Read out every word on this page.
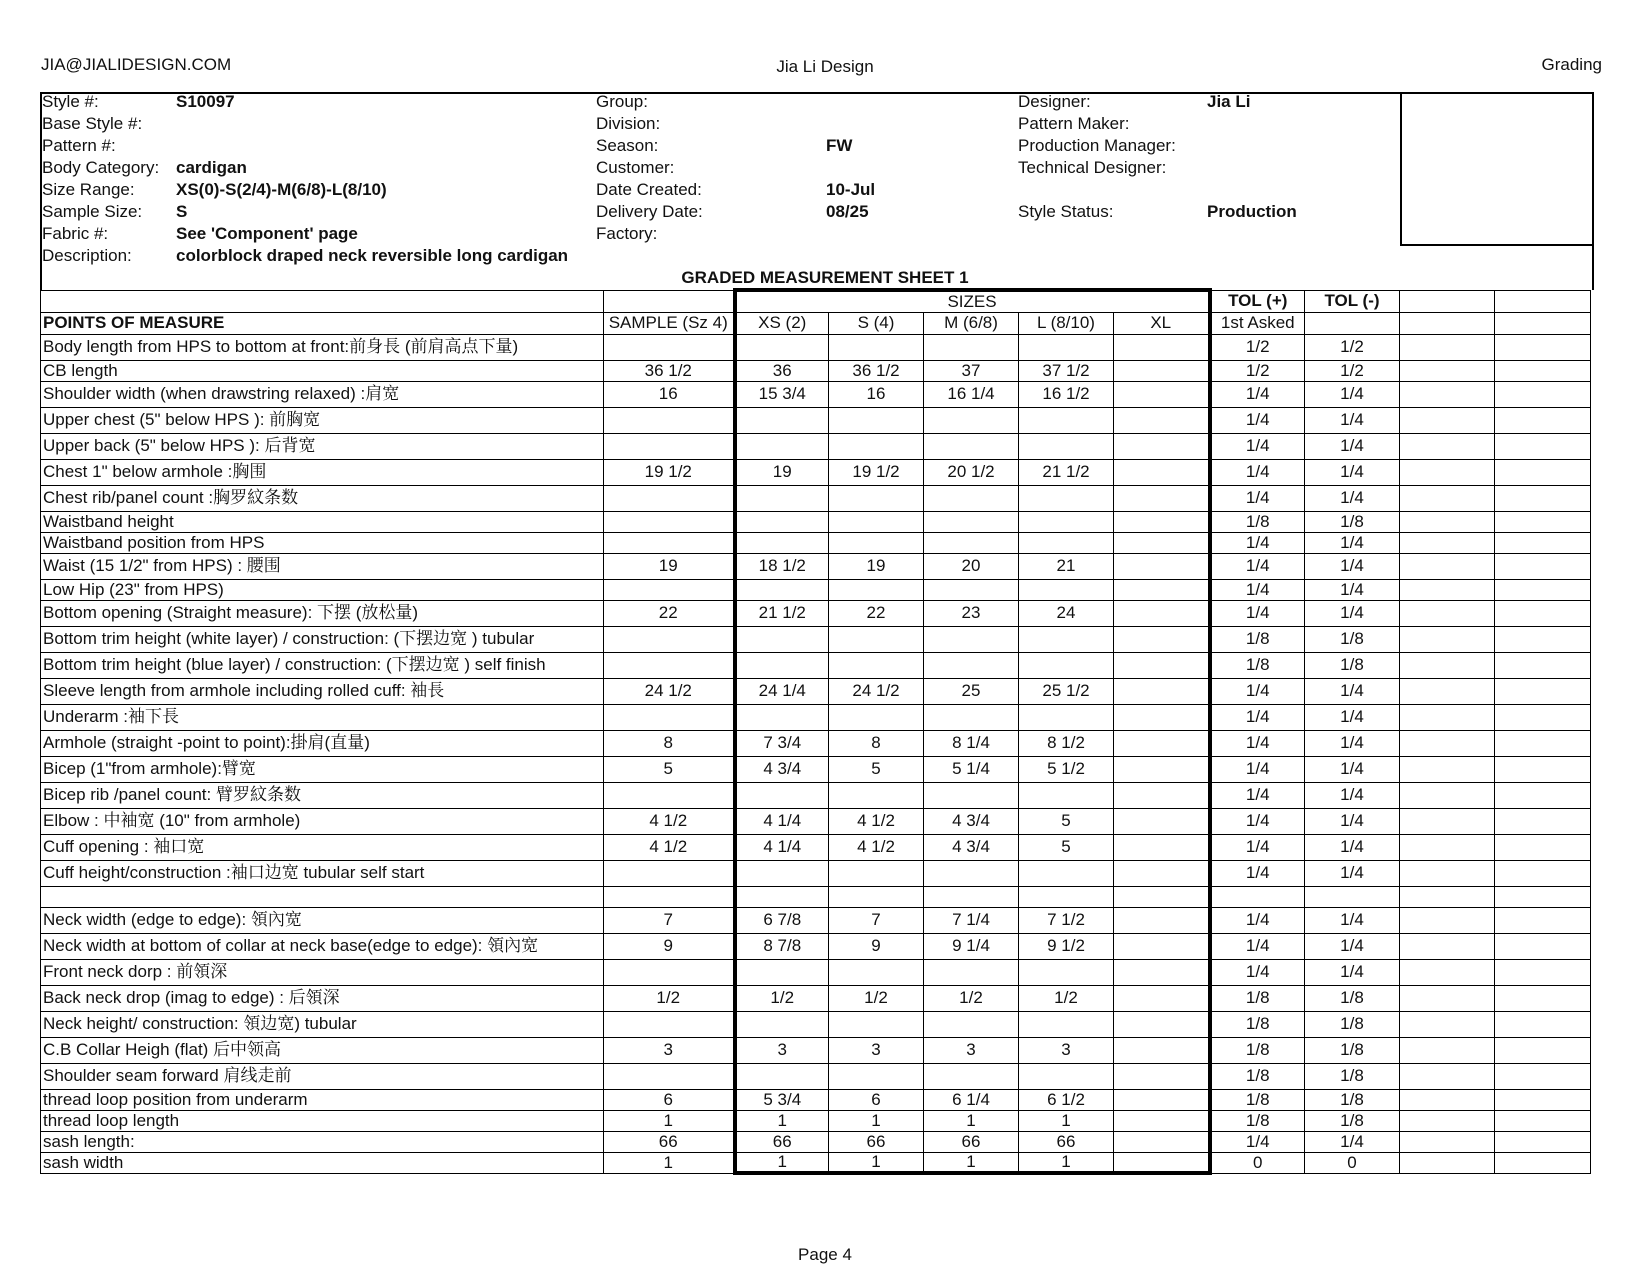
JIA@JIALIDESIGN.COM	Jia Li Design	Grading
Style #:	S10097
Base Style #:
Pattern #:
Body Category: cardigan
Size Range: XS(0)-S(2/4)-M(6/8)-L(8/10)
Sample Size: S
Fabric #:	See 'Component' page
Description:	colorblock draped neck reversible long cardigan
Group:
Division:
Season:	FW
Customer:
Date Created:	10-Jul
Delivery Date:	08/25
Factory:
Designer:	Jia Li
Pattern Maker:
Production Manager:
Technical Designer:
Style Status:	Production
GRADED MEASUREMENT SHEET 1
		SIZES					TOL (+)	TOL (-)		
POINTS OF MEASURE	SAMPLE (Sz 4)	XS (2)	S (4)	M (6/8)	L (8/10)	XL	1st Asked			
Body length from HPS to bottom at front:前身長 (前肩高点下量)							1/2	1/2		
CB length	36 1/2	36	36 1/2	37	37 1/2		1/2	1/2		
Shoulder width (when drawstring relaxed) :肩宽	16	15 3/4	16	16 1/4	16 1/2		1/4	1/4		
Upper chest (5" below HPS ): 前胸宽							1/4	1/4		
Upper back (5" below HPS ): 后背宽							1/4	1/4		
Chest 1" below armhole :胸围	19 1/2	19	19 1/2	20 1/2	21 1/2		1/4	1/4		
Chest rib/panel count :胸罗紋条数							1/4	1/4		
Waistband height							1/8	1/8		
Waistband position from HPS							1/4	1/4		
Waist (15 1/2" from HPS) : 腰围	19	18 1/2	19	20	21		1/4	1/4		
Low Hip (23" from HPS)							1/4	1/4		
Bottom opening (Straight measure): 下摆 (放松量)	22	21 1/2	22	23	24		1/4	1/4		
Bottom trim height (white layer) / construction: (下摆边宽 ) tubular							1/8	1/8		
Bottom trim height (blue layer) / construction: (下摆边宽 ) self finish							1/8	1/8		
Sleeve length from armhole including rolled cuff: 袖長	24 1/2	24 1/4	24 1/2	25	25 1/2		1/4	1/4		
Underarm :袖下長							1/4	1/4		
Armhole (straight -point to point):掛肩(直量)	8	7 3/4	8	8 1/4	8 1/2		1/4	1/4		
Bicep (1"from armhole):臂宽	5	4 3/4	5	5 1/4	5 1/2		1/4	1/4		
Bicep rib /panel count: 臂罗紋条数							1/4	1/4		
Elbow : 中袖宽 (10" from armhole)	4 1/2	4 1/4	4 1/2	4 3/4	5		1/4	1/4		
Cuff opening : 袖口宽	4 1/2	4 1/4	4 1/2	4 3/4	5		1/4	1/4		
Cuff height/construction :袖口边宽 tubular self start							1/4	1/4		

Neck width (edge to edge): 領內宽	7	6 7/8	7	7 1/4	7 1/2		1/4	1/4		
Neck width at bottom of collar at neck base(edge to edge): 領內宽	9	8 7/8	9	9 1/4	9 1/2		1/4	1/4		
Front neck dorp : 前領深							1/4	1/4		
Back neck drop (imag to edge) : 后領深	1/2	1/2	1/2	1/2	1/2		1/8	1/8		
Neck height/ construction: 領边宽) tubular							1/8	1/8		
C.B Collar Heigh (flat) 后中领高	3	3	3	3	3		1/8	1/8		
Shoulder seam forward 肩线走前							1/8	1/8		
thread loop position from underarm	6	5 3/4	6	6 1/4	6 1/2		1/8	1/8		
thread loop length	1	1	1	1	1		1/8	1/8		
sash length:	66	66	66	66	66		1/4	1/4		
sash width	1	1	1	1	1		0	0		
Page 4
